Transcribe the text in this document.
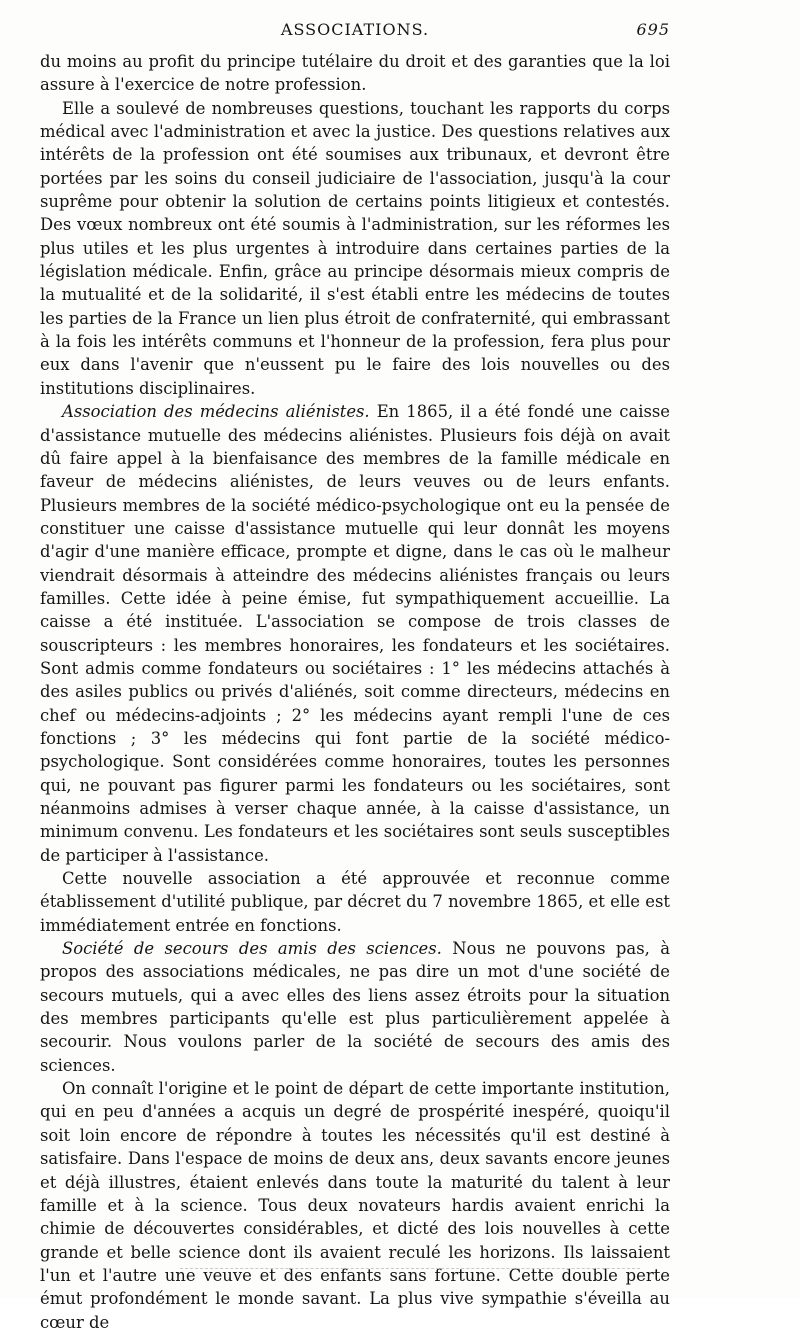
ASSOCIATIONS.	695

du moins au profit du principe tutélaire du droit et des garanties que la loi assure à l'exercice de notre profession.

Elle a soulevé de nombreuses questions, touchant les rapports du corps médical avec l'administration et avec la justice. Des questions relatives aux intérêts de la profession ont été soumises aux tribunaux, et devront être portées par les soins du conseil judiciaire de l'association, jusqu'à la cour suprême pour obtenir la solution de certains points litigieux et contestés. Des vœux nombreux ont été soumis à l'administration, sur les réformes les plus utiles et les plus urgentes à introduire dans certaines parties de la législation médicale. Enfin, grâce au principe désormais mieux compris de la mutualité et de la solidarité, il s'est établi entre les médecins de toutes les parties de la France un lien plus étroit de confraternité, qui embrassant à la fois les intérêts communs et l'honneur de la profession, fera plus pour eux dans l'avenir que n'eussent pu le faire des lois nouvelles ou des institutions disciplinaires.

Association des médecins aliénistes. En 1865, il a été fondé une caisse d'assistance mutuelle des médecins aliénistes. Plusieurs fois déjà on avait dû faire appel à la bienfaisance des membres de la famille médicale en faveur de médecins aliénistes, de leurs veuves ou de leurs enfants. Plusieurs membres de la société médico-psychologique ont eu la pensée de constituer une caisse d'assistance mutuelle qui leur donnât les moyens d'agir d'une manière efficace, prompte et digne, dans le cas où le malheur viendrait désormais à atteindre des médecins aliénistes français ou leurs familles. Cette idée à peine émise, fut sympathiquement accueillie. La caisse a été instituée. L'association se compose de trois classes de souscripteurs : les membres honoraires, les fondateurs et les sociétaires. Sont admis comme fondateurs ou sociétaires : 1° les médecins attachés à des asiles publics ou privés d'aliénés, soit comme directeurs, médecins en chef ou médecins-adjoints ; 2° les médecins ayant rempli l'une de ces fonctions ; 3° les médecins qui font partie de la société médico-psychologique. Sont considérées comme honoraires, toutes les personnes qui, ne pouvant pas figurer parmi les fondateurs ou les sociétaires, sont néanmoins admises à verser chaque année, à la caisse d'assistance, un minimum convenu. Les fondateurs et les sociétaires sont seuls susceptibles de participer à l'assistance.

Cette nouvelle association a été approuvée et reconnue comme établissement d'utilité publique, par décret du 7 novembre 1865, et elle est immédiatement entrée en fonctions.

Société de secours des amis des sciences. Nous ne pouvons pas, à propos des associations médicales, ne pas dire un mot d'une société de secours mutuels, qui a avec elles des liens assez étroits pour la situation des membres participants qu'elle est plus particulièrement appelée à secourir. Nous voulons parler de la société de secours des amis des sciences.

On connaît l'origine et le point de départ de cette importante institution, qui en peu d'années a acquis un degré de prospérité inespéré, quoiqu'il soit loin encore de répondre à toutes les nécessités qu'il est destiné à satisfaire. Dans l'espace de moins de deux ans, deux savants encore jeunes et déjà illustres, étaient enlevés dans toute la maturité du talent à leur famille et à la science. Tous deux novateurs hardis avaient enrichi la chimie de découvertes considérables, et dicté des lois nouvelles à cette grande et belle science dont ils avaient reculé les horizons. Ils laissaient l'un et l'autre une veuve et des enfants sans fortune. Cette double perte émut profondément le monde savant. La plus vive sympathie s'éveilla au cœur de
